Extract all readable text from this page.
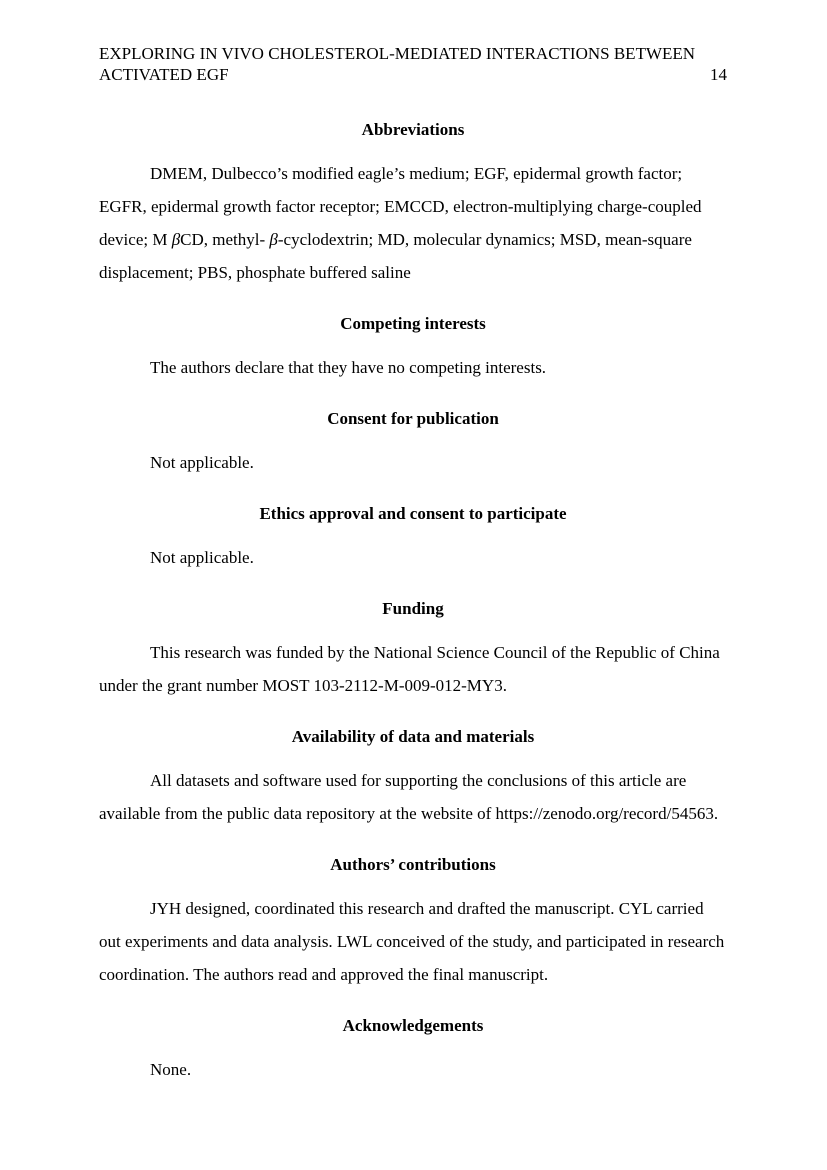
EXPLORING IN VIVO CHOLESTEROL-MEDIATED INTERACTIONS BETWEEN ACTIVATED EGF	14
Abbreviations

DMEM, Dulbecco’s modified eagle’s medium; EGF, epidermal growth factor; EGFR, epidermal growth factor receptor; EMCCD, electron-multiplying charge-coupled device; M βCD, methyl- β-cyclodextrin; MD, molecular dynamics; MSD, mean-square displacement; PBS, phosphate buffered saline

Competing interests

The authors declare that they have no competing interests.

Consent for publication

Not applicable.

Ethics approval and consent to participate

Not applicable.

Funding

This research was funded by the National Science Council of the Republic of China under the grant number MOST 103-2112-M-009-012-MY3.

Availability of data and materials

All datasets and software used for supporting the conclusions of this article are available from the public data repository at the website of https://zenodo.org/record/54563.

Authors’ contributions

JYH designed, coordinated this research and drafted the manuscript. CYL carried out experiments and data analysis. LWL conceived of the study, and participated in research coordination. The authors read and approved the final manuscript.

Acknowledgements

None.
